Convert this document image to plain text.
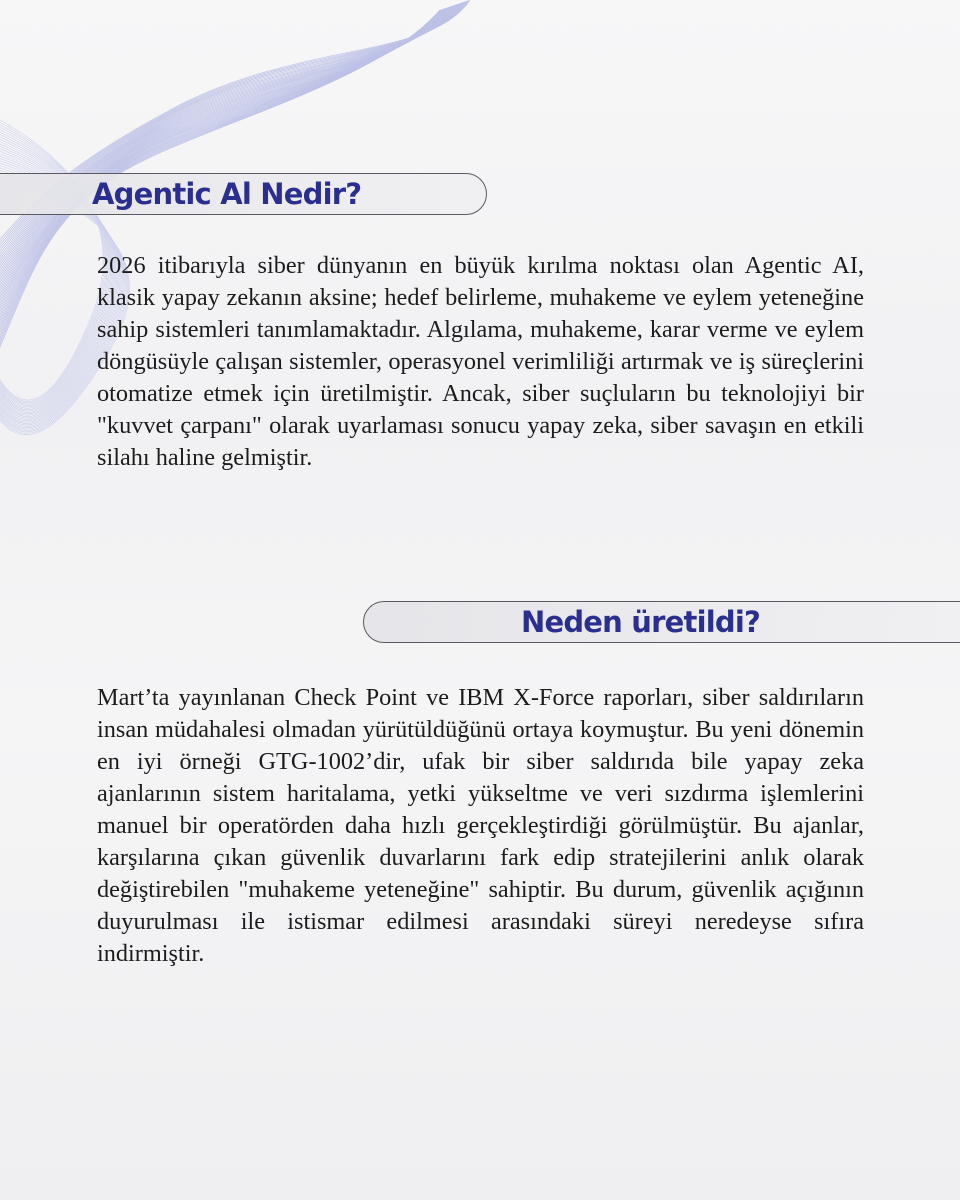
Agentic Al Nedir?

2026 itibarıyla siber dünyanın en büyük kırılma noktası olan Agentic AI, klasik yapay zekanın aksine; hedef belirleme, muhakeme ve eylem yeteneğine sahip sistemleri tanımlamaktadır. Algılama, muhakeme, karar verme ve eylem döngüsüyle çalışan sistemler, operasyonel verimliliği artırmak ve iş süreçlerini otomatize etmek için üretilmiştir. Ancak, siber suçluların bu teknolojiyi bir "kuvvet çarpanı" olarak uyarlaması sonucu yapay zeka, siber savaşın en etkili silahı haline gelmiştir.

Neden üretildi?

Mart’ta yayınlanan Check Point ve IBM X-Force raporları, siber saldırıların insan müdahalesi olmadan yürütüldüğünü ortaya koymuştur. Bu yeni dönemin en iyi örneği GTG-1002’dir, ufak bir siber saldırıda bile yapay zeka ajanlarının sistem haritalama, yetki yükseltme ve veri sızdırma işlemlerini manuel bir operatörden daha hızlı gerçekleştirdiği görülmüştür. Bu ajanlar, karşılarına çıkan güvenlik duvarlarını fark edip stratejilerini anlık olarak değiştirebilen "muhakeme yeteneğine" sahiptir. Bu durum, güvenlik açığının duyurulması ile istismar edilmesi arasındaki süreyi neredeyse sıfıra indirmiştir.
